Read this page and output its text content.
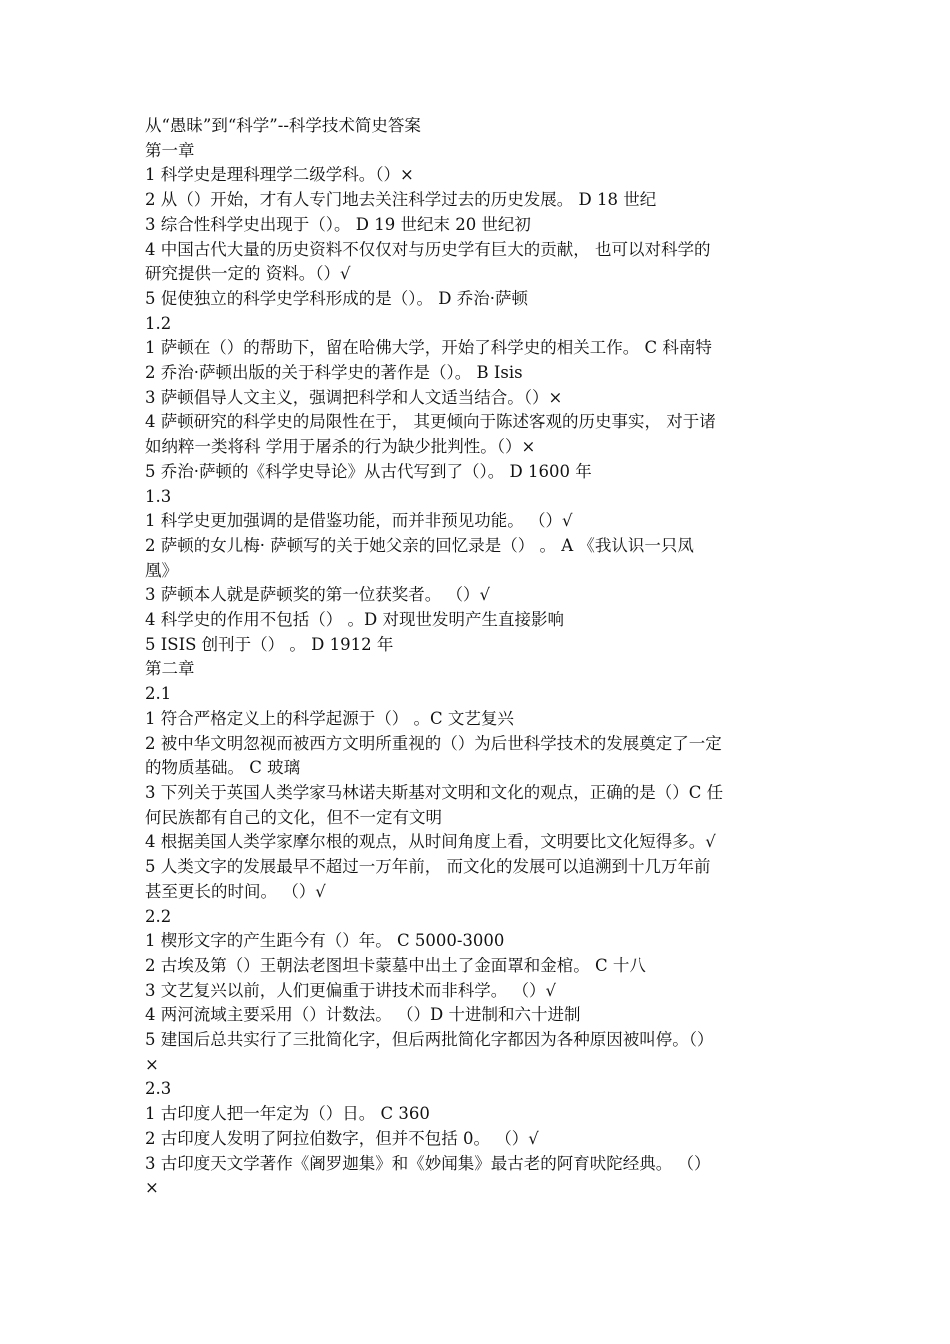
从“愚昧”到“科学”--科学技术简史答案

第一章

1 科学史是理科理学二级学科。（）×

2 从（）开始，才有人专门地去关注科学过去的历史发展。 D 18 世纪

3 综合性科学史出现于（）。 D 19 世纪末 20 世纪初

4 中国古代大量的历史资料不仅仅对与历史学有巨大的贡献， 也可以对科学的

研究提供一定的 资料。（）√

5 促使独立的科学史学科形成的是（）。 D 乔治·萨顿

1.2

1 萨顿在（）的帮助下，留在哈佛大学，开始了科学史的相关工作。 C 科南特

2 乔治·萨顿出版的关于科学史的著作是（）。 B Isis

3 萨顿倡导人文主义，强调把科学和人文适当结合。（）×

4 萨顿研究的科学史的局限性在于， 其更倾向于陈述客观的历史事实， 对于诸

如纳粹一类将科 学用于屠杀的行为缺少批判性。（）×

5 乔治·萨顿的《科学史导论》从古代写到了（）。 D 1600 年

1.3

1 科学史更加强调的是借鉴功能，而并非预见功能。 （）√

2 萨顿的女儿梅· 萨顿写的关于她父亲的回忆录是（） 。 A 《我认识一只凤

凰》

3 萨顿本人就是萨顿奖的第一位获奖者。 （）√

4 科学史的作用不包括（） 。D 对现世发明产生直接影响

5 ISIS 创刊于（） 。 D 1912 年

第二章

2.1

1 符合严格定义上的科学起源于（） 。C 文艺复兴

2 被中华文明忽视而被西方文明所重视的（）为后世科学技术的发展奠定了一定

的物质基础。 C 玻璃

3 下列关于英国人类学家马林诺夫斯基对文明和文化的观点，正确的是（）C 任

何民族都有自己的文化，但不一定有文明

4 根据美国人类学家摩尔根的观点，从时间角度上看，文明要比文化短得多。√

5 人类文字的发展最早不超过一万年前， 而文化的发展可以追溯到十几万年前

甚至更长的时间。 （）√

2.2

1 楔形文字的产生距今有（）年。 C 5000-3000

2 古埃及第（）王朝法老图坦卡蒙墓中出土了金面罩和金棺。 C 十八

3 文艺复兴以前，人们更偏重于讲技术而非科学。 （）√

4 两河流域主要采用（）计数法。 （）D 十进制和六十进制

5 建国后总共实行了三批简化字，但后两批简化字都因为各种原因被叫停。（）

×

2.3

1 古印度人把一年定为（）日。 C 360

2 古印度人发明了阿拉伯数字，但并不包括 0。 （）√

3 古印度天文学著作《阇罗迦集》和《妙闻集》最古老的阿育吠陀经典。 （）

×
